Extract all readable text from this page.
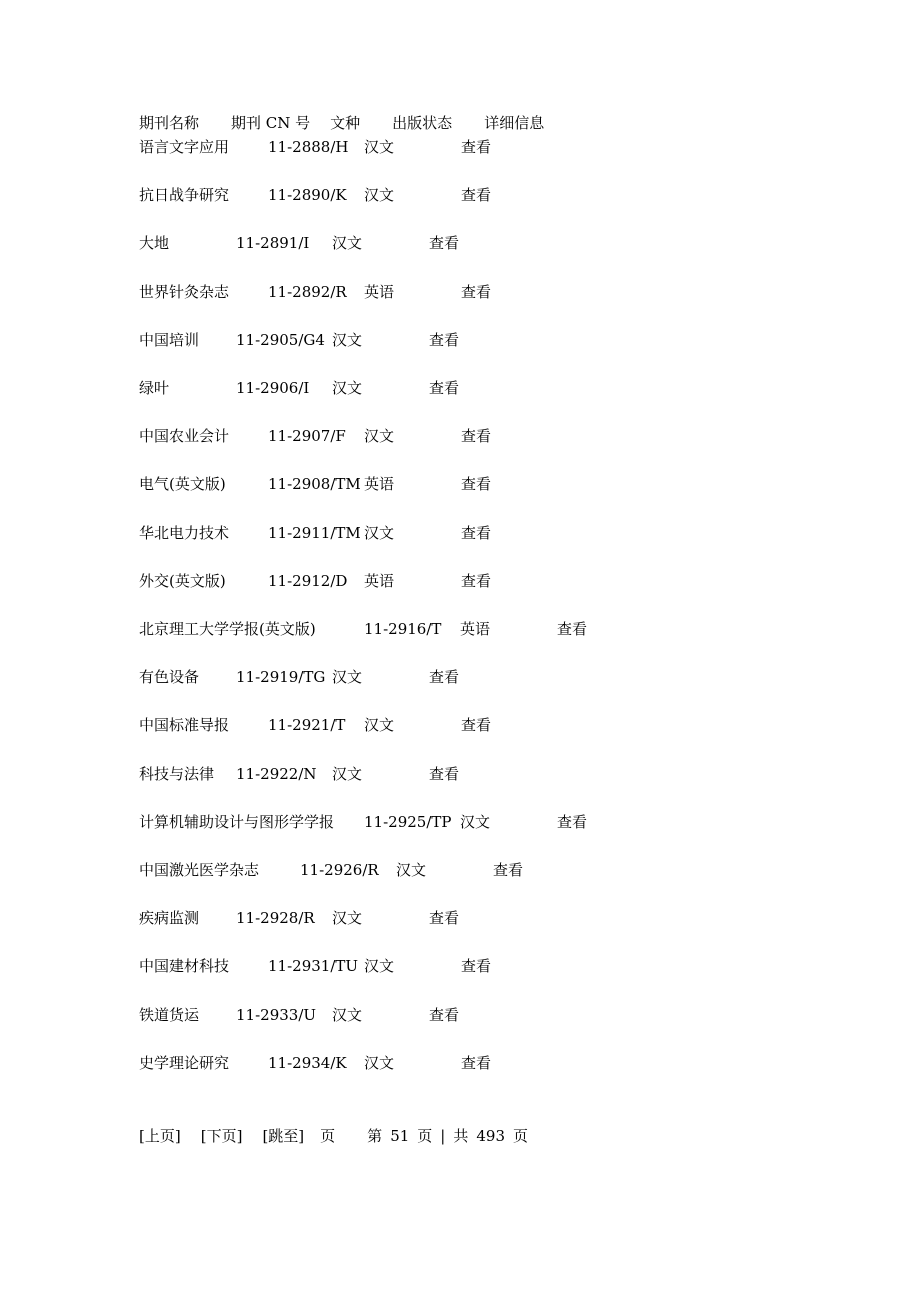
期刊名称 期刊 CN 号 文种 出版状态 详细信息
语言文字应用	11-2888/H 汉文	查看
抗日战争研究	11-2890/K 汉文	查看
大地	11-2891/I 汉文	查看
世界针灸杂志	11-2892/R 英语	查看
中国培训 11-2905/G4 汉文	查看
绿叶	11-2906/I 汉文	查看
中国农业会计	11-2907/F 汉文	查看
电气(英文版)	11-2908/TM 英语	查看
华北电力技术	11-2911/TM 汉文	查看
外交(英文版)	11-2912/D 英语	查看
北京理工大学学报(英文版)	11-2916/T 英语	查看
有色设备 11-2919/TG 汉文	查看
中国标准导报	11-2921/T 汉文	查看
科技与法律 11-2922/N 汉文	查看
计算机辅助设计与图形学学报 11-2925/TP 汉文	查看
中国激光医学杂志	11-2926/R 汉文	查看
疾病监测 11-2928/R 汉文	查看
中国建材科技	11-2931/TU 汉文	查看
铁道货运 11-2933/U 汉文	查看
史学理论研究	11-2934/K 汉文	查看
[上页] [下页] [跳至] 页 第 51 页 | 共 493 页
